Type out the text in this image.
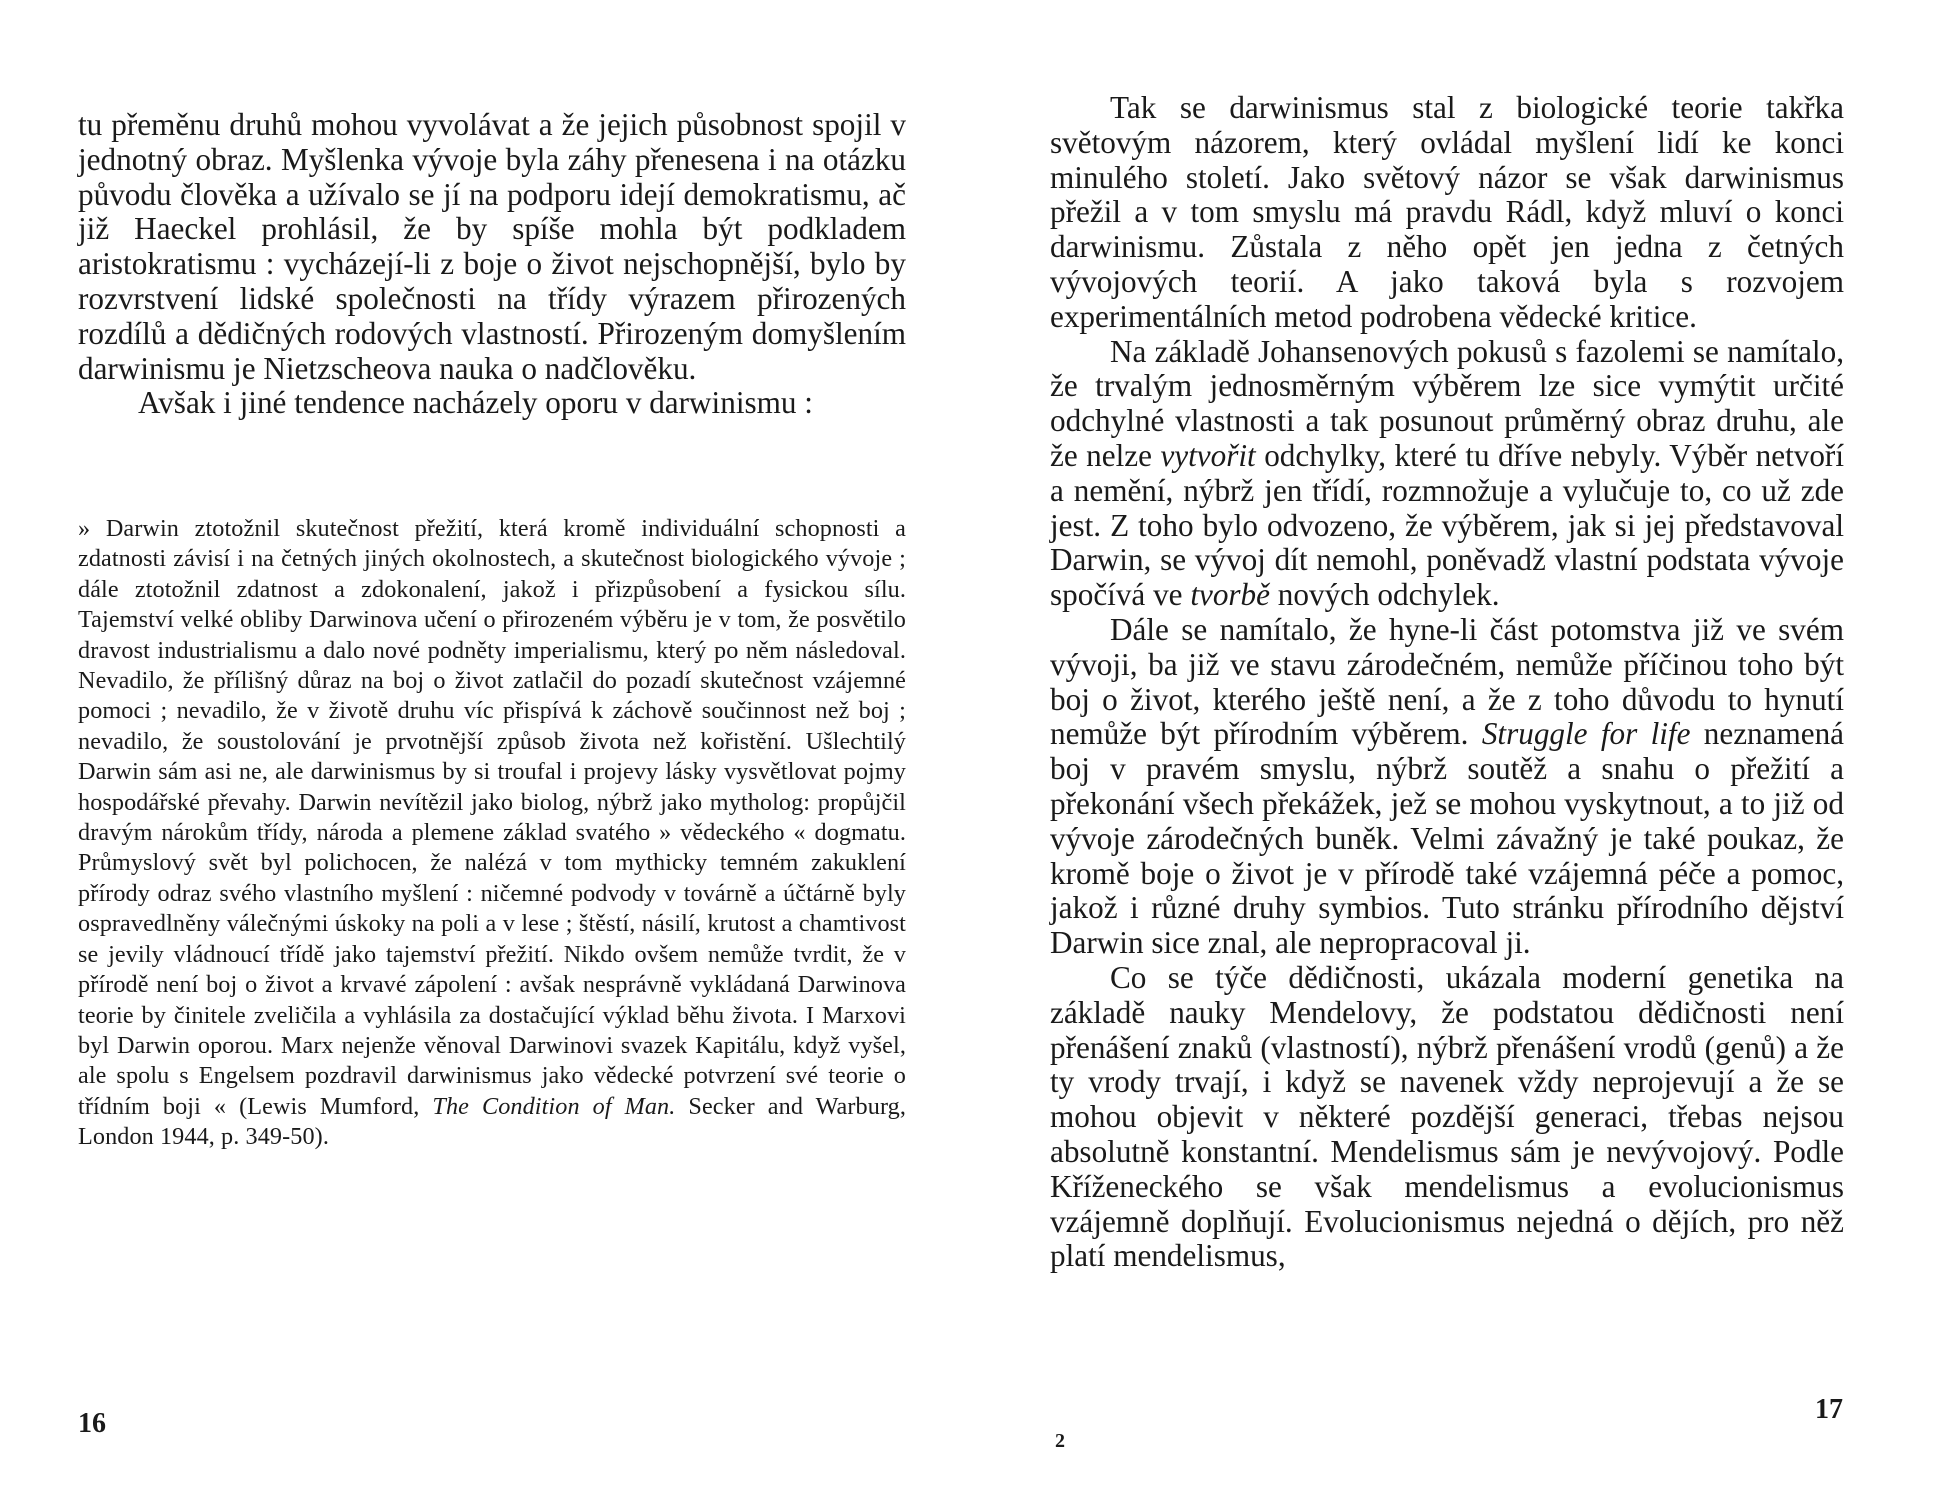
tu přeměnu druhů mohou vyvolávat a že jejich působnost spojil v jednotný obraz. Myšlenka vývoje byla záhy přenesena i na otázku původu člověka a užívalo se jí na podporu idejí demokratismu, ač již Haeckel prohlásil, že by spíše mohla být podkladem aristokratismu : vycházejí-li z boje o život nejschopnější, bylo by rozvrstvení lidské společnosti na třídy výrazem přirozených rozdílů a dědičných rodových vlastností. Přirozeným domyšlením darwinismu je Nietzscheova nauka o nadčlověku.

Avšak i jiné tendence nacházely oporu v darwinismu :

» Darwin ztotožnil skutečnost přežití, která kromě individuální schopnosti a zdatnosti závisí i na četných jiných okolnostech, a skutečnost biologického vývoje ; dále ztotožnil zdatnost a zdokonalení, jakož i přizpůsobení a fysickou sílu. Tajemství velké obliby Darwinova učení o přirozeném výběru je v tom, že posvětilo dravost industrialismu a dalo nové podněty imperialismu, který po něm následoval. Nevadilo, že přílišný důraz na boj o život zatlačil do pozadí skutečnost vzájemné pomoci ; nevadilo, že v životě druhu víc přispívá k záchově součinnost než boj ; nevadilo, že soustolování je prvotnější způsob života než kořistění. Ušlechtilý Darwin sám asi ne, ale darwinismus by si troufal i projevy lásky vysvětlovat pojmy hospodářské převahy. Darwin nevítězil jako biolog, nýbrž jako mytholog: propůjčil dravým nárokům třídy, národa a plemene základ svatého » vědeckého « dogmatu. Průmyslový svět byl polichocen, že nalézá v tom mythicky temném zakuklení přírody odraz svého vlastního myšlení : ničemné podvody v továrně a účtárně byly ospravedlněny válečnými úskoky na poli a v lese ; štěstí, násilí, krutost a chamtivost se jevily vládnoucí třídě jako tajemství přežití. Nikdo ovšem nemůže tvrdit, že v přírodě není boj o život a krvavé zápolení : avšak nesprávně vykládaná Darwinova teorie by činitele zveličila a vyhlásila za dostačující výklad běhu života. I Marxovi byl Darwin oporou. Marx nejenže věnoval Darwinovi svazek Kapitálu, když vyšel, ale spolu s Engelsem pozdravil darwinismus jako vědecké potvrzení své teorie o třídním boji « (Lewis Mumford, The Condition of Man. Secker and Warburg, London 1944, p. 349-50).

16

Tak se darwinismus stal z biologické teorie takřka světovým názorem, který ovládal myšlení lidí ke konci minulého století. Jako světový názor se však darwinismus přežil a v tom smyslu má pravdu Rádl, když mluví o konci darwinismu. Zůstala z něho opět jen jedna z četných vývojových teorií. A jako taková byla s rozvojem experimentálních metod podrobena vědecké kritice.

Na základě Johansenových pokusů s fazolemi se namítalo, že trvalým jednosměrným výběrem lze sice vymýtit určité odchylné vlastnosti a tak posunout průměrný obraz druhu, ale že nelze vytvořit odchylky, které tu dříve nebyly. Výběr netvoří a nemění, nýbrž jen třídí, rozmnožuje a vylučuje to, co už zde jest. Z toho bylo odvozeno, že výběrem, jak si jej představoval Darwin, se vývoj dít nemohl, poněvadž vlastní podstata vývoje spočívá ve tvorbě nových odchylek.

Dále se namítalo, že hyne-li část potomstva již ve svém vývoji, ba již ve stavu zárodečném, nemůže příčinou toho být boj o život, kterého ještě není, a že z toho důvodu to hynutí nemůže být přírodním výběrem. Struggle for life neznamená boj v pravém smyslu, nýbrž soutěž a snahu o přežití a překonání všech překážek, jež se mohou vyskytnout, a to již od vývoje zárodečných buněk. Velmi závažný je také poukaz, že kromě boje o život je v přírodě také vzájemná péče a pomoc, jakož i různé druhy symbios. Tuto stránku přírodního dějství Darwin sice znal, ale nepropracoval ji.

Co se týče dědičnosti, ukázala moderní genetika na základě nauky Mendelovy, že podstatou dědičnosti není přenášení znaků (vlastností), nýbrž přenášení vrodů (genů) a že ty vrody trvají, i když se navenek vždy neprojevují a že se mohou objevit v některé pozdější generaci, třebas nejsou absolutně konstantní. Mendelismus sám je nevývojový. Podle Kříženeckého se však mendelismus a evolucionismus vzájemně doplňují. Evolucionismus nejedná o dějích, pro něž platí mendelismus,

17
2
